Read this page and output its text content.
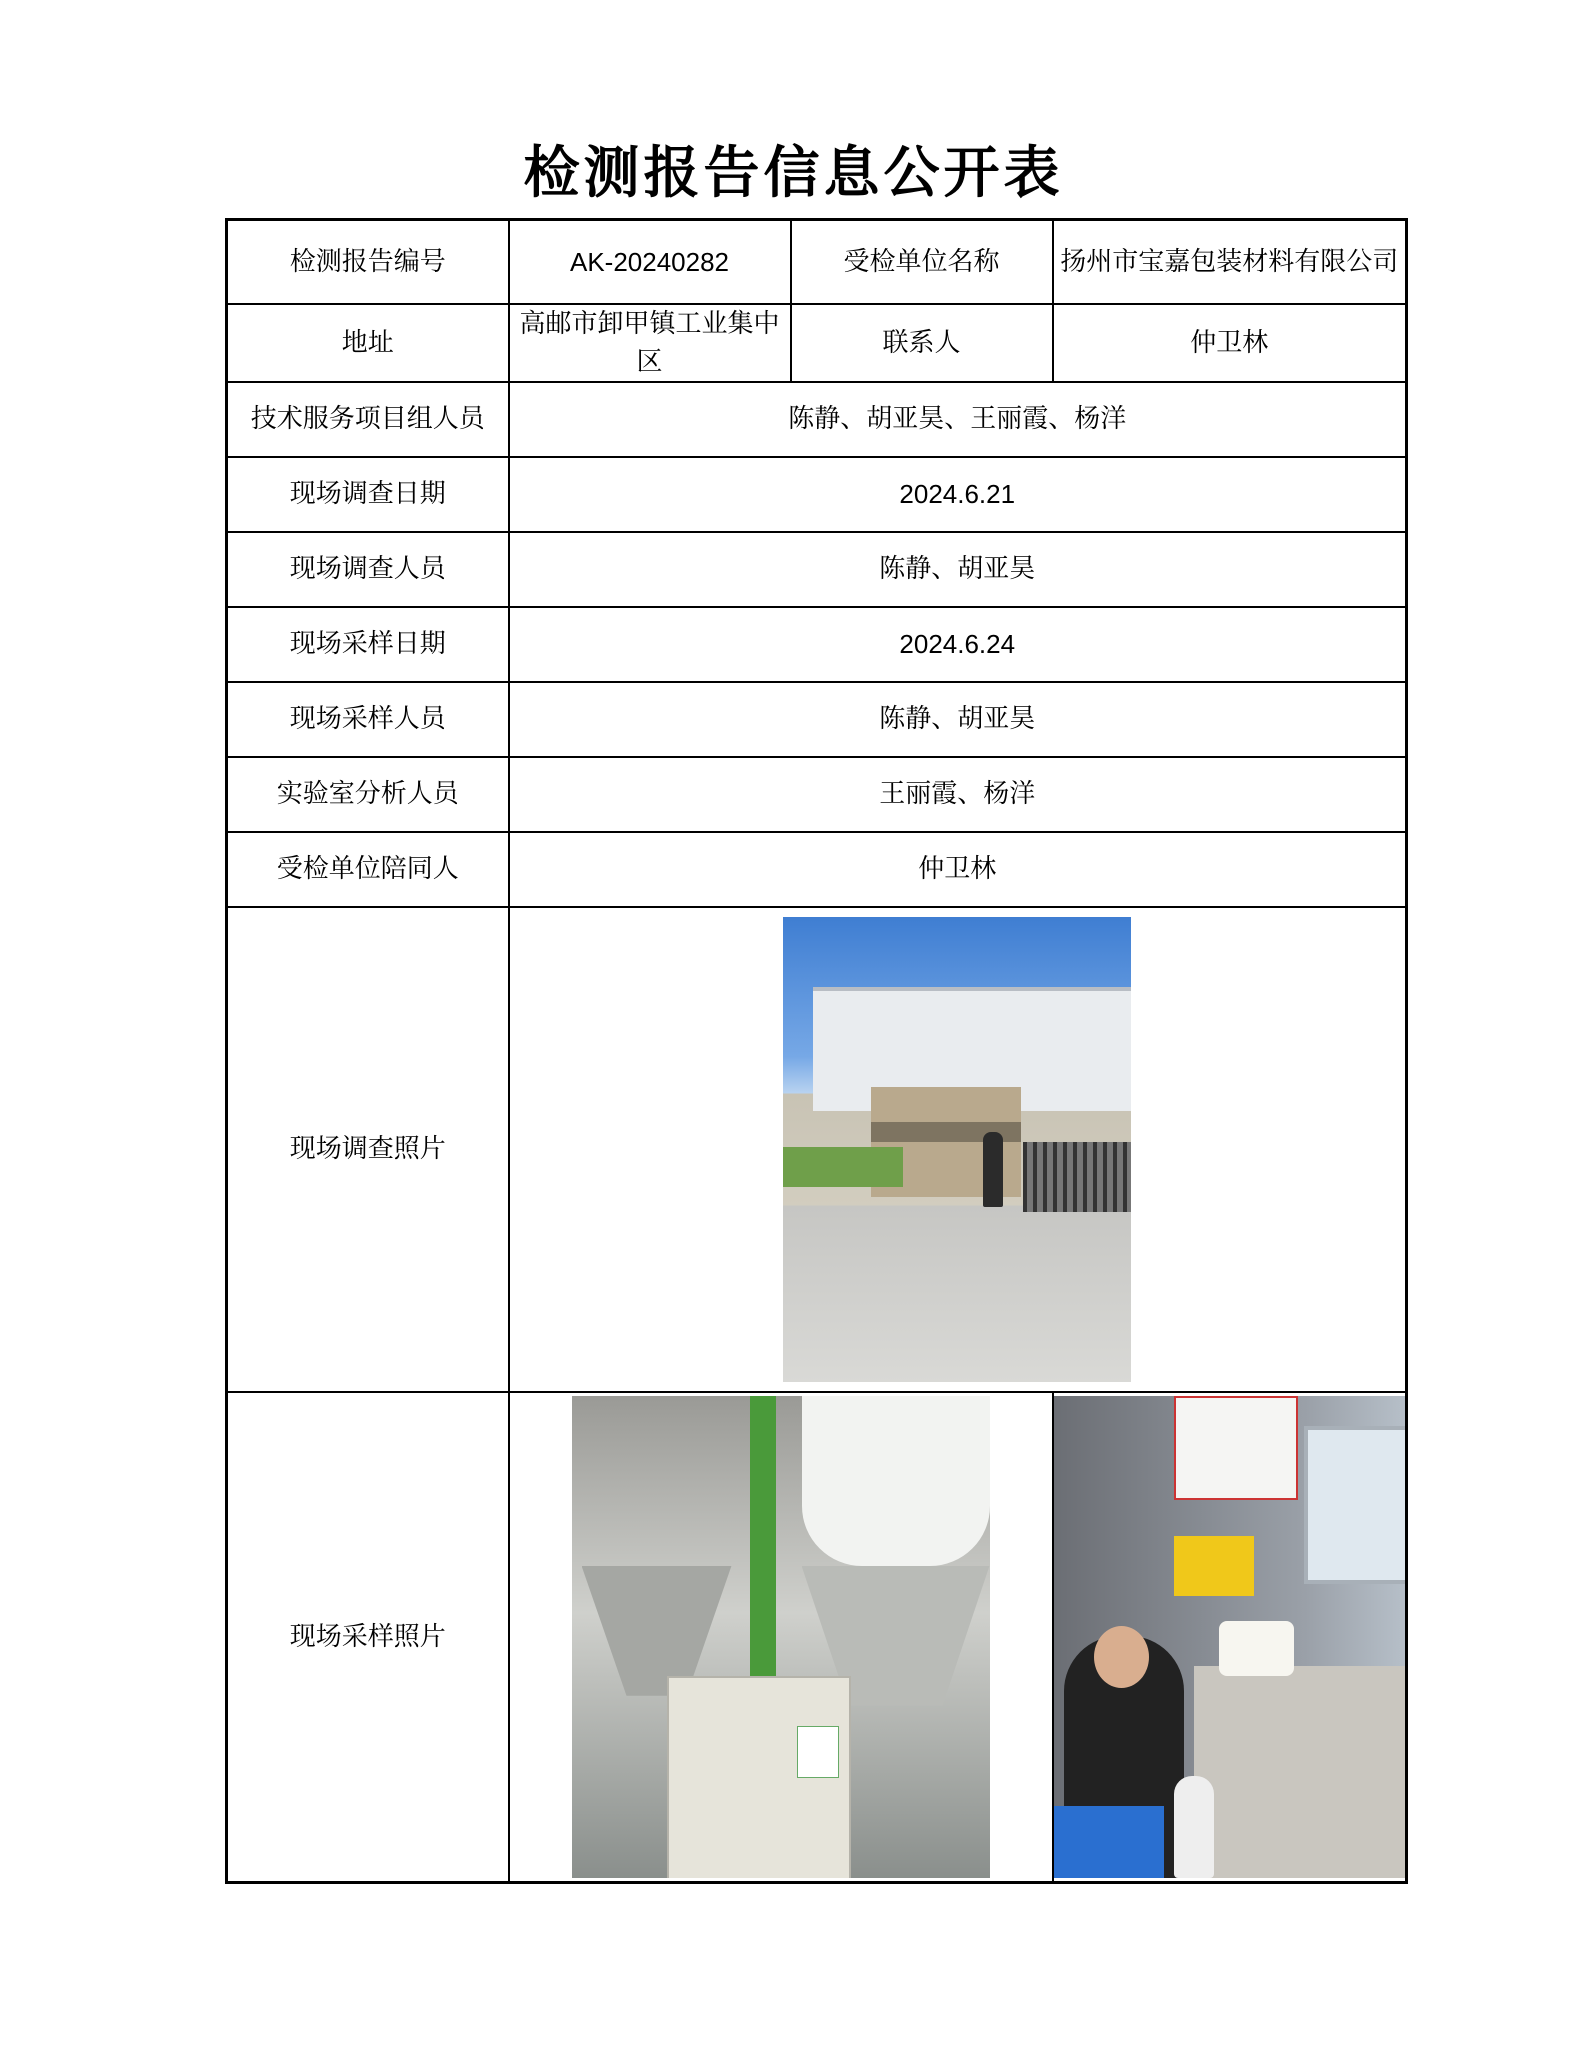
检测报告信息公开表
检测报告编号	AK-20240282	受检单位名称	扬州市宝嘉包装材料有限公司
地址	高邮市卸甲镇工业集中区	联系人	仲卫林
技术服务项目组人员	陈静、胡亚昊、王丽霞、杨洋		
现场调查日期	2024.6.21		
现场调查人员	陈静、胡亚昊		
现场采样日期	2024.6.24		
现场采样人员	陈静、胡亚昊		
实验室分析人员	王丽霞、杨洋		
受检单位陪同人	仲卫林		
现场调查照片			

现场采样照片		
